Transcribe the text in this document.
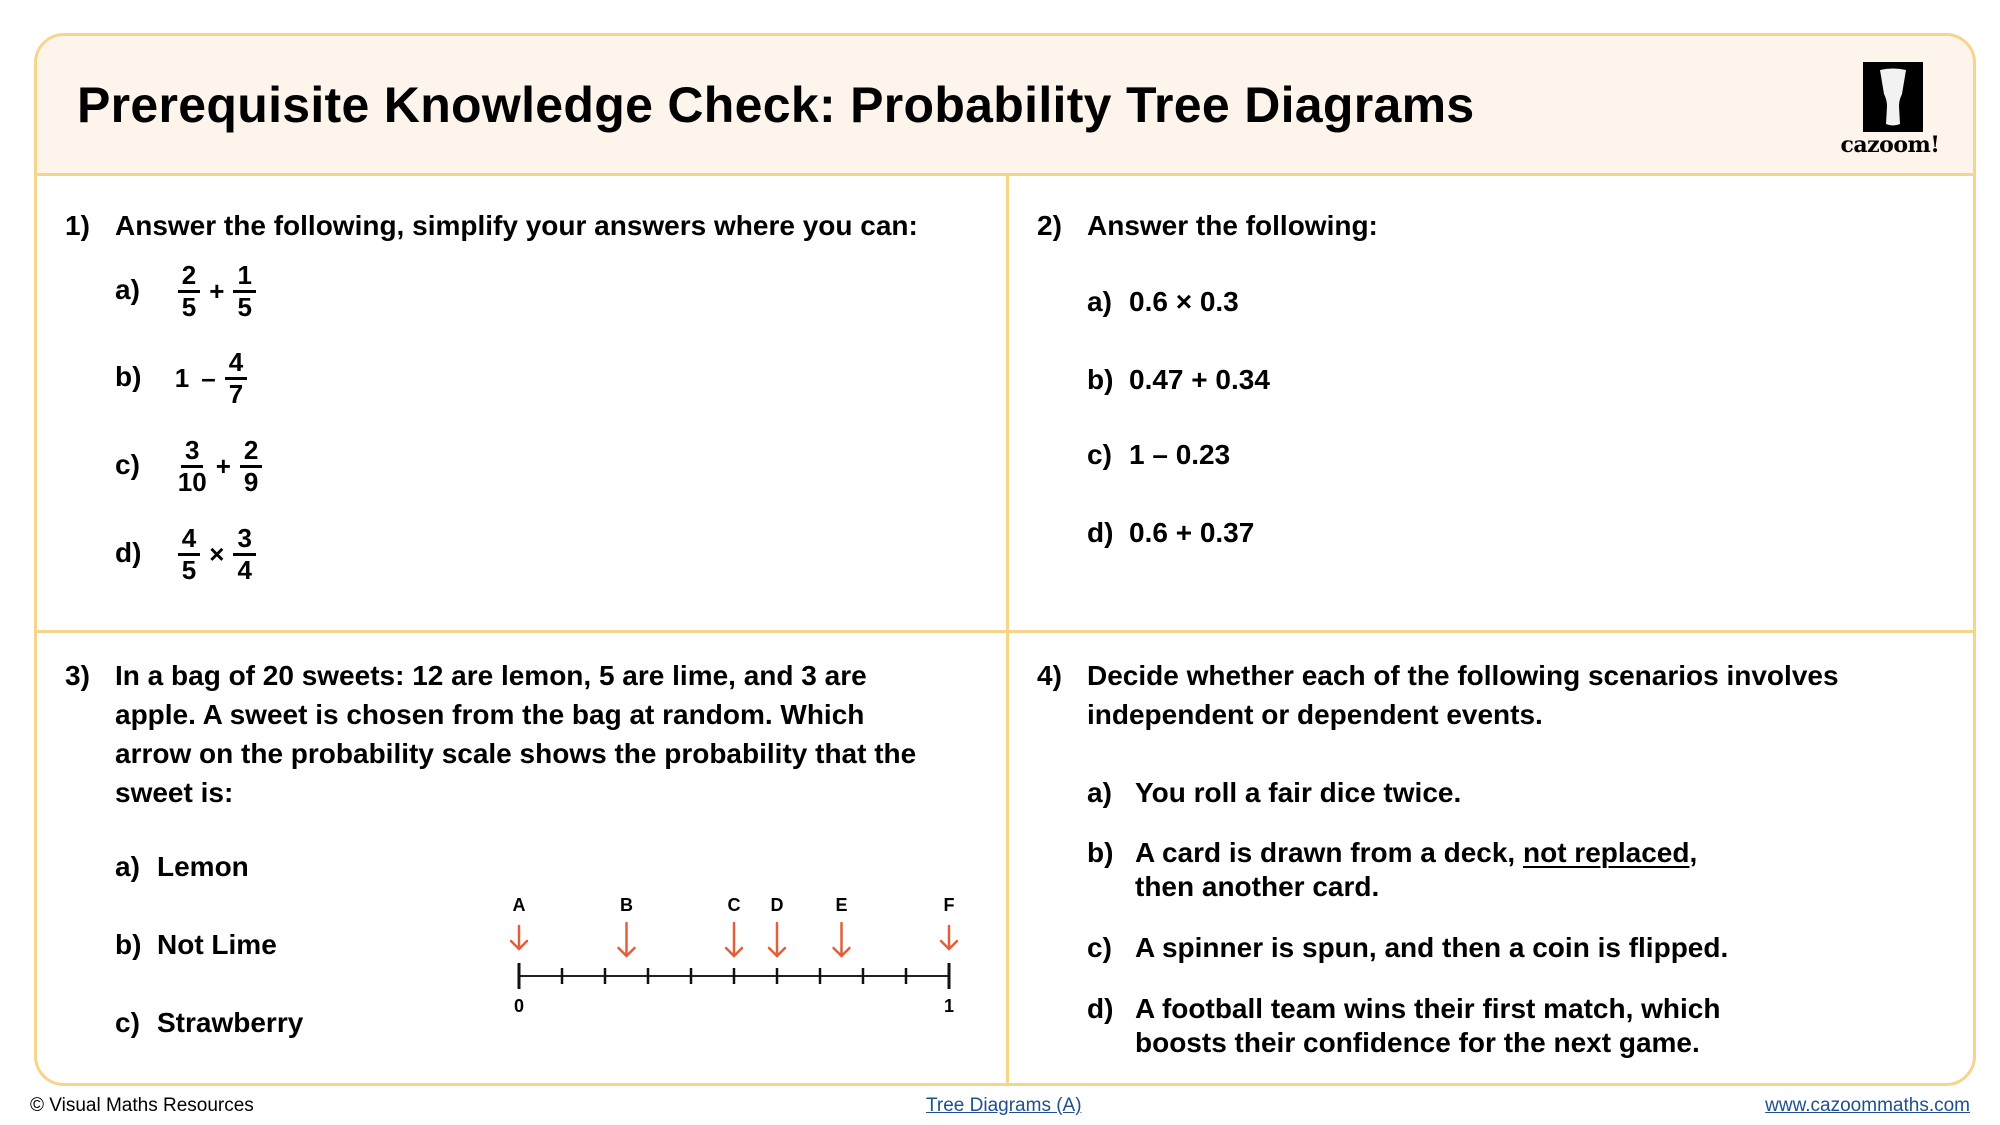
Prerequisite Knowledge Check: Probability Tree Diagrams
cazoom!
1) Answer the following, simplify your answers where you can:
$a) \frac{2}{5} + \frac{1}{5}$
b) $1 - \frac{4}{7}$
$c) \frac{3}{10} + \frac{2}{9}$
$d) \frac{4}{5} \times \frac{3}{4}$
2) Answer the following:
a) 0.6 × 0.3
b) 0.47 + 0.34
c) 1 – 0.23
d) 0.6 + 0.37
3) In a bag of 20 sweets: 12 are lemon, 5 are lime, and 3 are
apple. A sweet is chosen from the bag at random. Which
arrow on the probability scale shows the probability that the
sweet is:
a) Lemon
b) Not Lime
c) Strawberry
0	1
A	B	C D	E	F
4) Decide whether each of the following scenarios involves
independent or dependent events.
a) You roll a fair dice twice.
b) A card is drawn from a deck, not replaced,
then another card.
c) A spinner is spun, and then a coin is flipped.
d) A football team wins their first match, which
boosts their confidence for the next game.
© Visual Maths Resources	Tree Diagrams (A)	www.cazoommaths.com
